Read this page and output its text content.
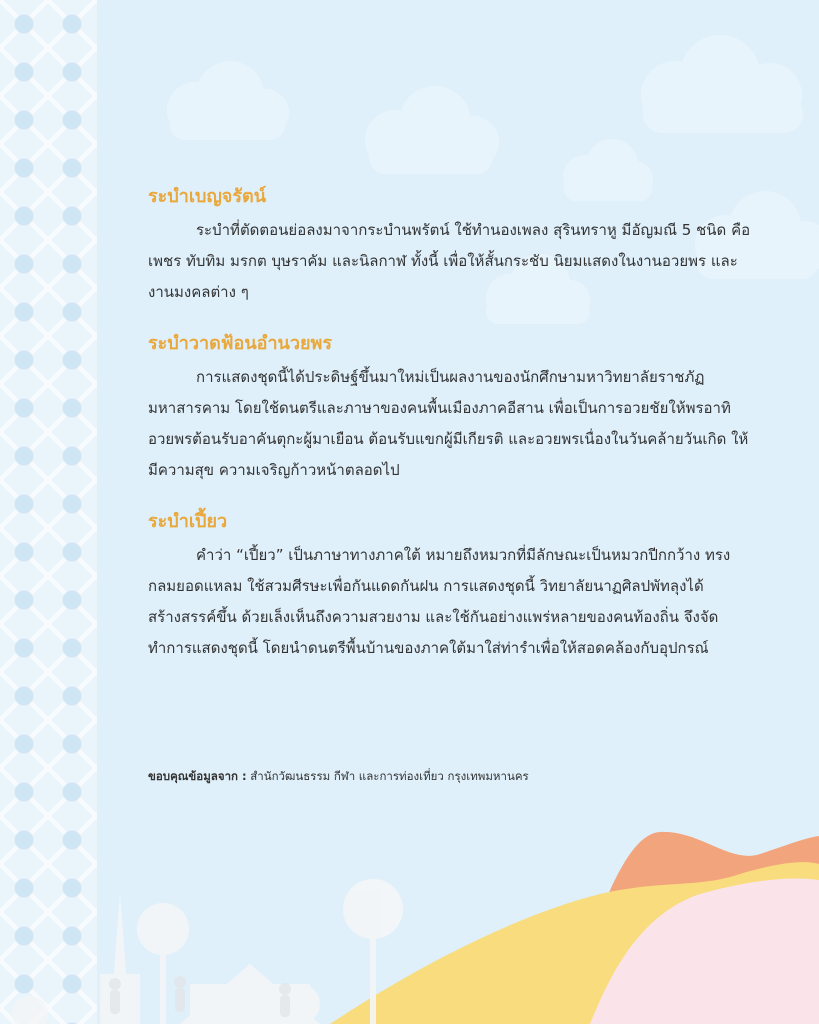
ระบำเบญจรัตน์

ระบำที่ตัดตอนย่อลงมาจากระบำนพรัตน์ ใช้ทำนองเพลง สุรินทราหู มีอัญมณี 5 ชนิด คือ เพชร ทับทิม มรกต บุษราคัม และนิลกาฬ ทั้งนี้ เพื่อให้สั้นกระชับ นิยมแสดงในงานอวยพร และงานมงคลต่าง ๆ

ระบำวาดฟ้อนอำนวยพร

การแสดงชุดนี้ได้ประดิษฐ์ขึ้นมาใหม่เป็นผลงานของนักศึกษามหาวิทยาลัยราชภัฏมหาสารคาม โดยใช้ดนตรีและภาษาของคนพื้นเมืองภาคอีสาน เพื่อเป็นการอวยชัยให้พรอาทิ อวยพรต้อนรับอาคันตุกะผู้มาเยือน ต้อนรับแขกผู้มีเกียรติ และอวยพรเนื่องในวันคล้ายวันเกิด ให้มีความสุข ความเจริญก้าวหน้าตลอดไป

ระบำเปี้ยว

คำว่า “เปี้ยว” เป็นภาษาทางภาคใต้ หมายถึงหมวกที่มีลักษณะเป็นหมวกปีกกว้าง ทรงกลมยอดแหลม ใช้สวมศีรษะเพื่อกันแดดกันฝน การแสดงชุดนี้ วิทยาลัยนาฏศิลปพัทลุงได้สร้างสรรค์ขึ้น ด้วยเล็งเห็นถึงความสวยงาม และใช้กันอย่างแพร่หลายของคนท้องถิ่น จึงจัดทำการแสดงชุดนี้ โดยนำดนตรีพื้นบ้านของภาคใต้มาใส่ท่ารำเพื่อให้สอดคล้องกับอุปกรณ์

ขอบคุณข้อมูลจาก : สำนักวัฒนธรรม กีฬา และการท่องเที่ยว กรุงเทพมหานคร
